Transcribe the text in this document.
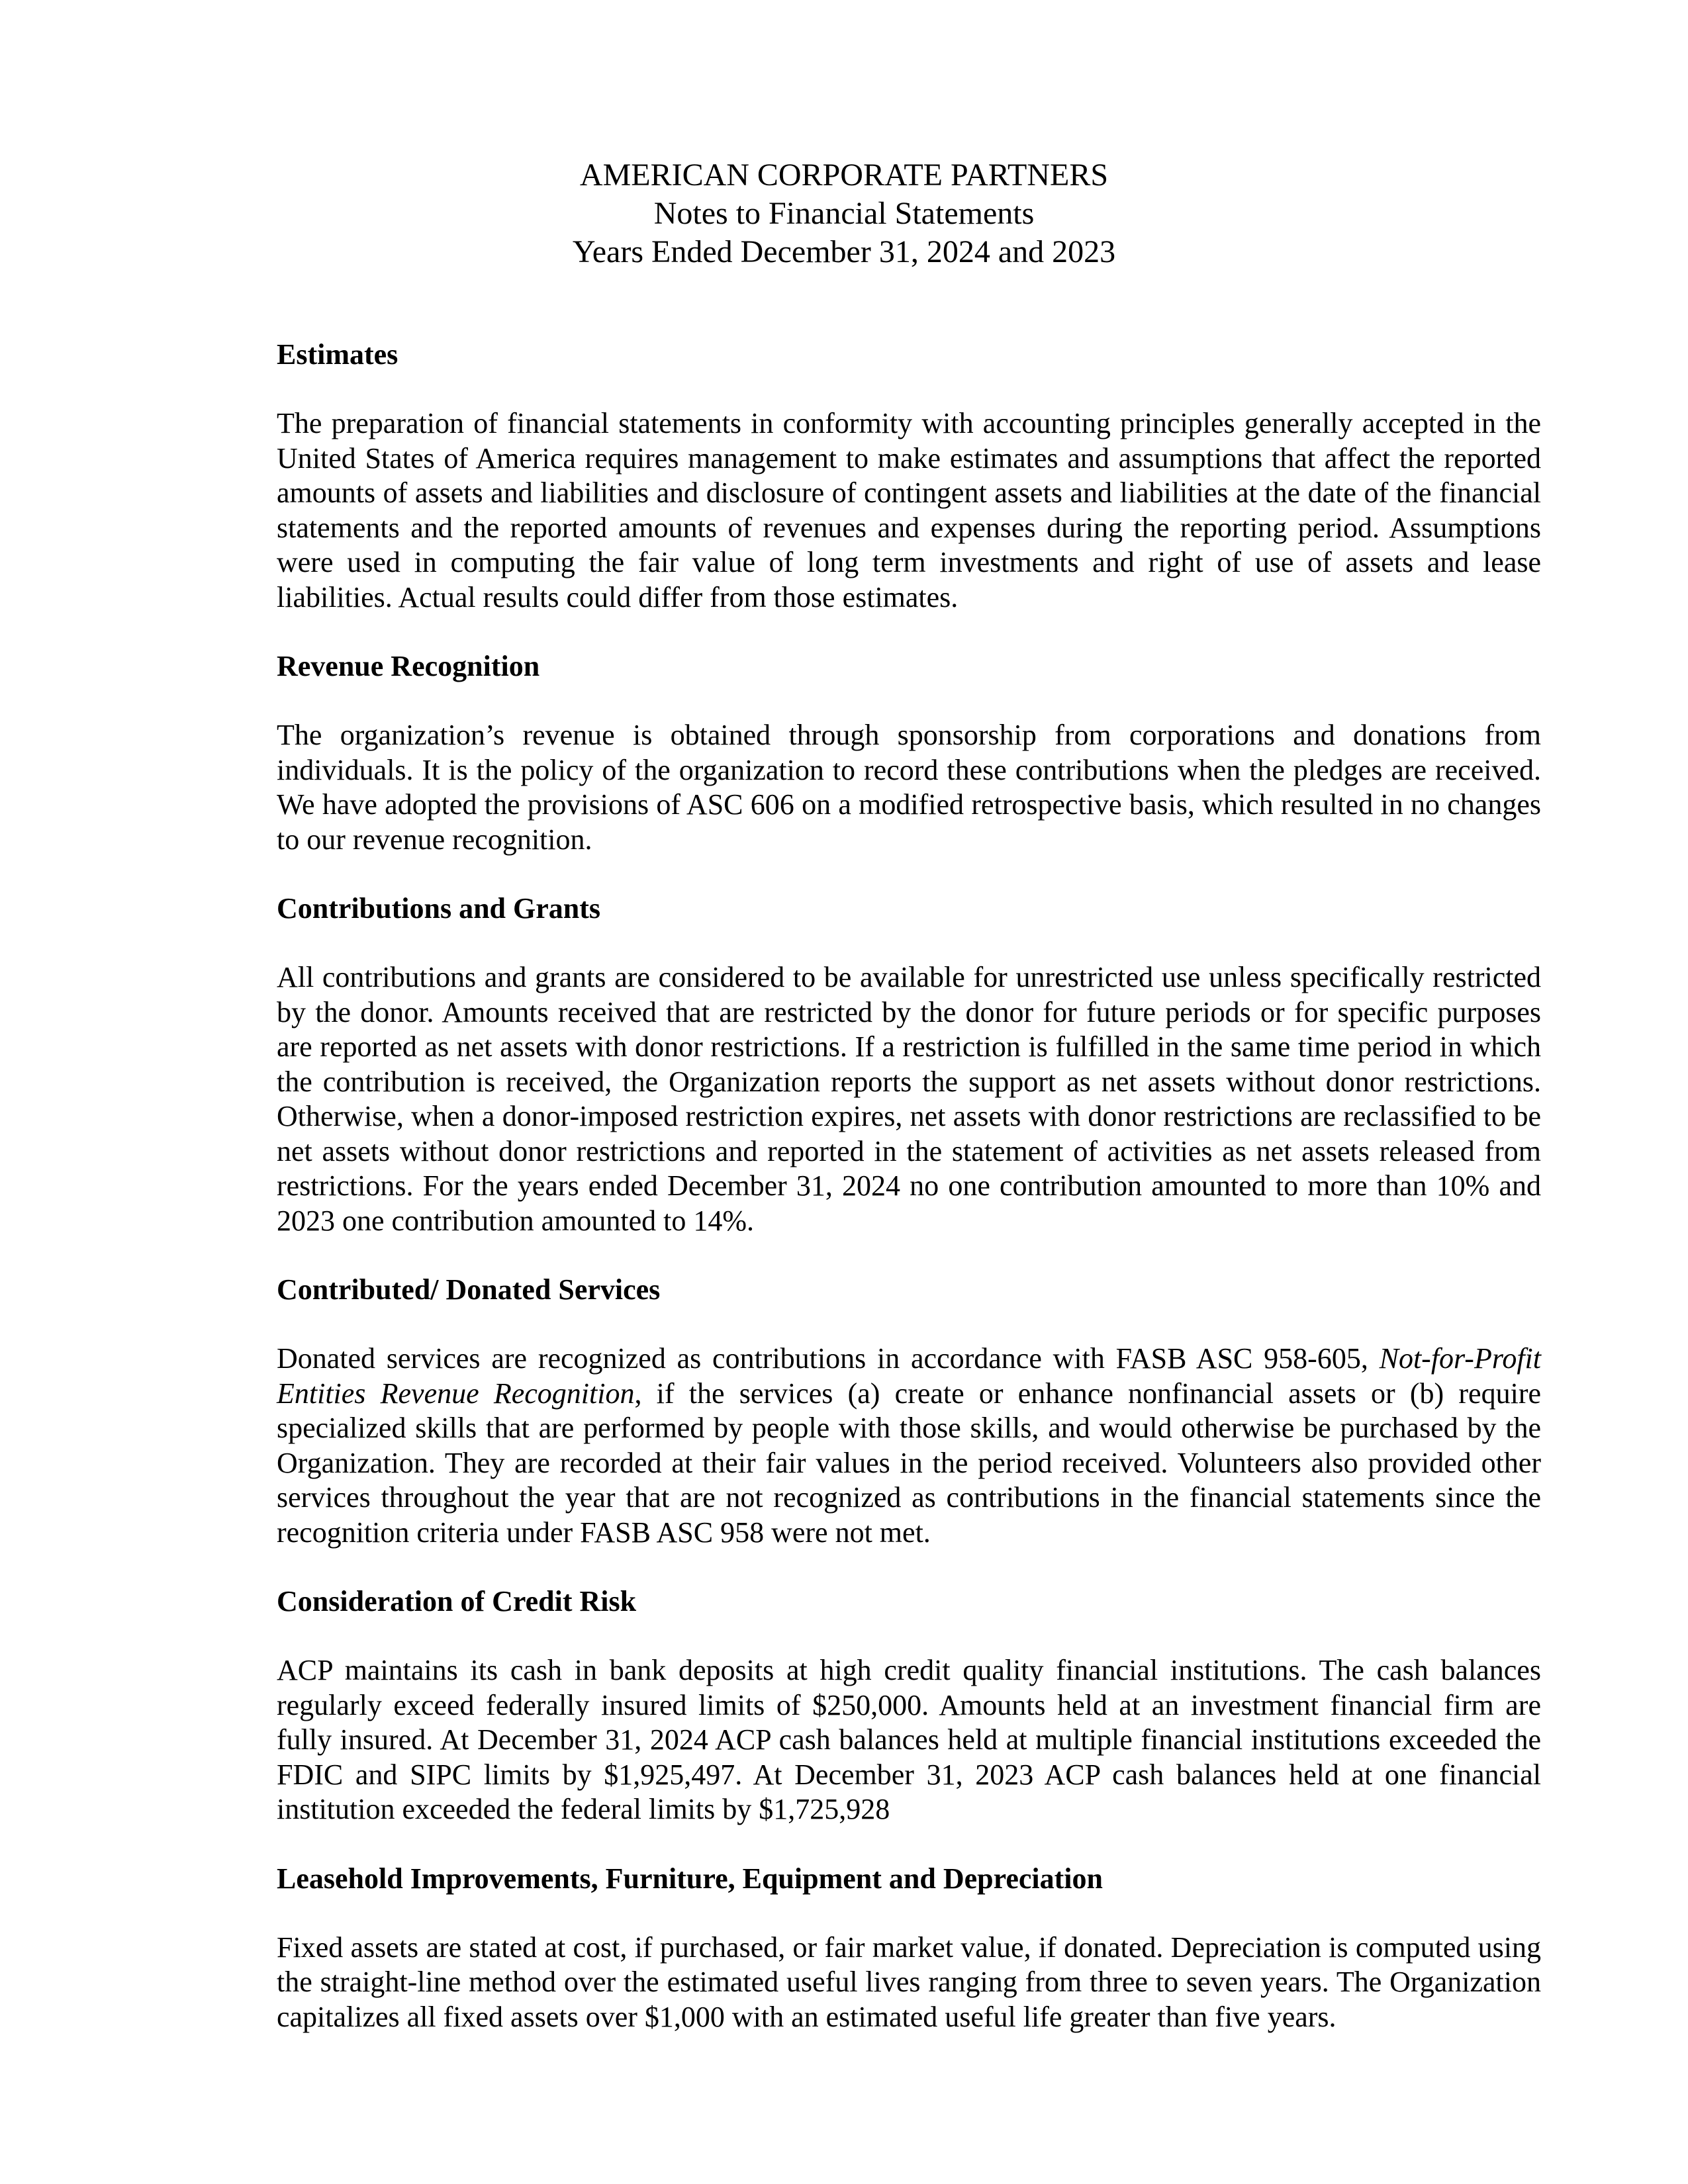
AMERICAN CORPORATE PARTNERS
Notes to Financial Statements
Years Ended December 31, 2024 and 2023
Estimates

The preparation of financial statements in conformity with accounting principles generally accepted in the United States of America requires management to make estimates and assumptions that affect the reported amounts of assets and liabilities and disclosure of contingent assets and liabilities at the date of the financial statements and the reported amounts of revenues and expenses during the reporting period. Assumptions were used in computing the fair value of long term investments and right of use of assets and lease liabilities. Actual results could differ from those estimates.

Revenue Recognition

The organization’s revenue is obtained through sponsorship from corporations and donations from individuals. It is the policy of the organization to record these contributions when the pledges are received. We have adopted the provisions of ASC 606 on a modified retrospective basis, which resulted in no changes to our revenue recognition.

Contributions and Grants

All contributions and grants are considered to be available for unrestricted use unless specifically restricted by the donor. Amounts received that are restricted by the donor for future periods or for specific purposes are reported as net assets with donor restrictions. If a restriction is fulfilled in the same time period in which the contribution is received, the Organization reports the support as net assets without donor restrictions. Otherwise, when a donor-imposed restriction expires, net assets with donor restrictions are reclassified to be net assets without donor restrictions and reported in the statement of activities as net assets released from restrictions. For the years ended December 31, 2024 no one contribution amounted to more than 10% and 2023 one contribution amounted to 14%.

Contributed/ Donated Services

Donated services are recognized as contributions in accordance with FASB ASC 958-605, Not-for-Profit Entities Revenue Recognition, if the services (a) create or enhance nonfinancial assets or (b) require specialized skills that are performed by people with those skills, and would otherwise be purchased by the Organization. They are recorded at their fair values in the period received. Volunteers also provided other services throughout the year that are not recognized as contributions in the financial statements since the recognition criteria under FASB ASC 958 were not met.

Consideration of Credit Risk

ACP maintains its cash in bank deposits at high credit quality financial institutions. The cash balances regularly exceed federally insured limits of $250,000. Amounts held at an investment financial firm are fully insured. At December 31, 2024 ACP cash balances held at multiple financial institutions exceeded the FDIC and SIPC limits by $1,925,497. At December 31, 2023 ACP cash balances held at one financial institution exceeded the federal limits by $1,725,928

Leasehold Improvements, Furniture, Equipment and Depreciation

Fixed assets are stated at cost, if purchased, or fair market value, if donated. Depreciation is computed using the straight-line method over the estimated useful lives ranging from three to seven years. The Organization capitalizes all fixed assets over $1,000 with an estimated useful life greater than five years.
